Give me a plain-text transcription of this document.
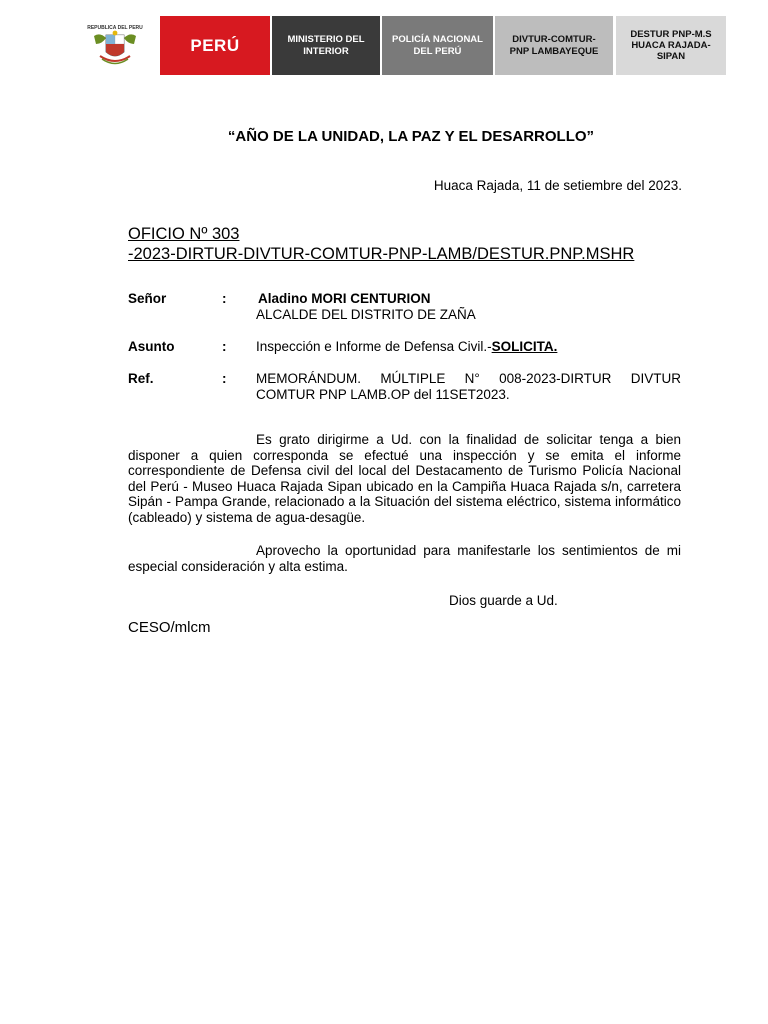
REPUBLICA DEL PERU
PERÚ	MINISTERIO DEL
INTERIOR
POLICÍA NACIONAL
DEL PERÚ
DIVTUR-COMTUR-
PNP LAMBAYEQUE
DESTUR PNP-M.S
HUACA RAJADA-
SIPAN
“AÑO DE LA UNIDAD, LA PAZ Y EL DESARROLLO”
Huaca Rajada, 11 de setiembre del 2023.
OFICIO Nº 303
-2023-DIRTUR-DIVTUR-COMTUR-PNP-LAMB/DESTUR.PNP.MSHR
Señor	: Aladino MORI CENTURION
ALCALDE DEL DISTRITO DE ZAÑA
Asunto	: Inspección e Informe de Defensa Civil.-SOLICITA.
Ref.	: MEMORÁNDUM. MÚLTIPLE N° 008-2023-DIRTUR DIVTUR COMTUR PNP LAMB.OP del 11SET2023.
Es grato dirigirme a Ud. con la finalidad de solicitar tenga a bien disponer a quien corresponda se efectué una inspección y se emita el informe correspondiente de Defensa civil del local del Destacamento de Turismo Policía Nacional del Perú - Museo Huaca Rajada Sipan ubicado en la Campiña Huaca Rajada s/n, carretera Sipán - Pampa Grande, relacionado a la Situación del sistema eléctrico, sistema informático (cableado) y sistema de agua-desagüe.
Aprovecho la oportunidad para manifestarle los sentimientos de mi especial consideración y alta estima.
Dios guarde a Ud.
CESO/mlcm
